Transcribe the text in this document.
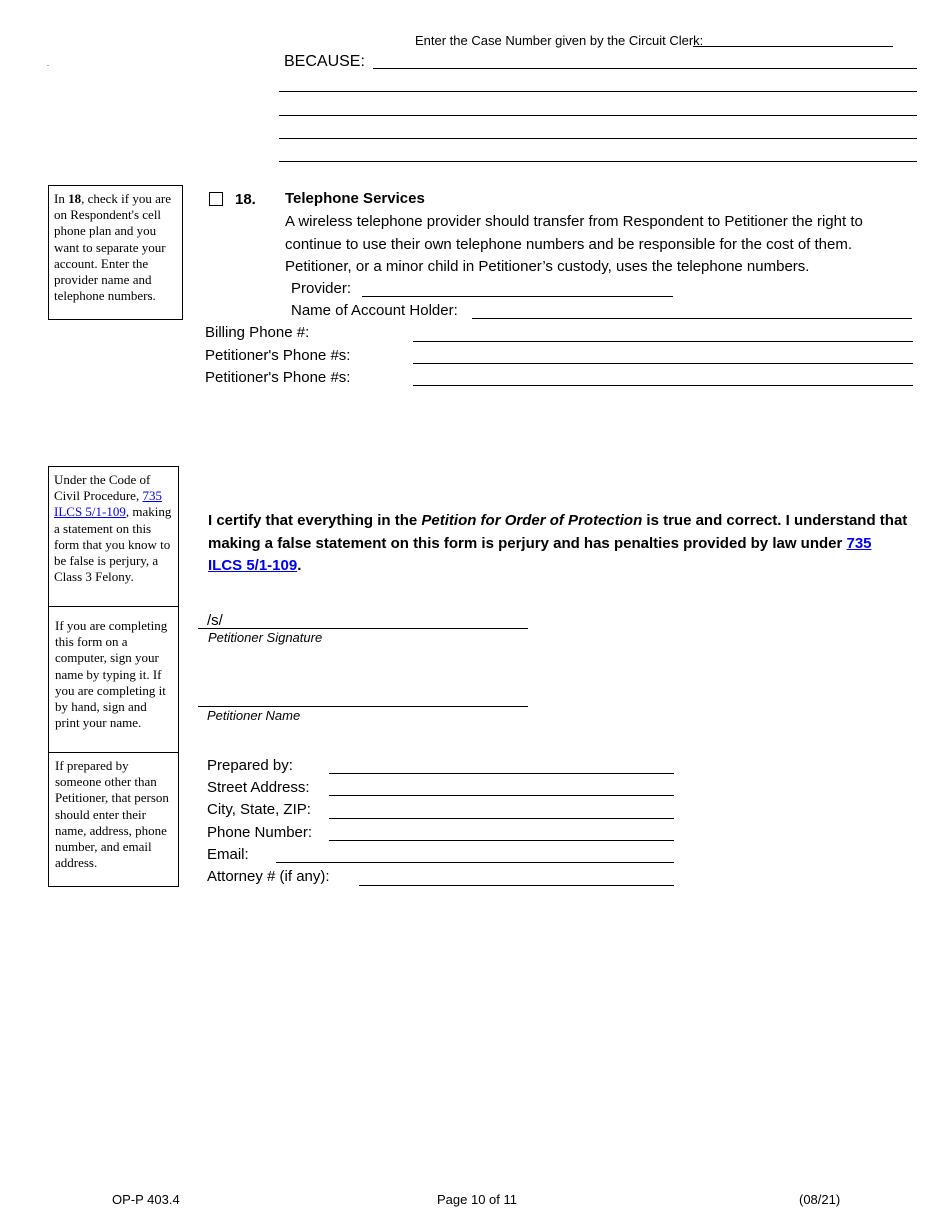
Enter the Case Number given by the Circuit Clerk:
.	BECAUSE:
In 18, check if you are on Respondent's cell phone plan and you want to separate your account. Enter the provider name and telephone numbers.
18. Telephone Services
A wireless telephone provider should transfer from Respondent to Petitioner the right to continue to use their own telephone numbers and be responsible for the cost of them. Petitioner, or a minor child in Petitioner’s custody, uses the telephone numbers.
Provider:
Name of Account Holder:
Billing Phone #:
Petitioner's Phone #s:
Petitioner's Phone #s:
Under the Code of Civil Procedure, 735 ILCS 5/1-109, making a statement on this form that you know to be false is perjury, a Class 3 Felony.
If you are completing this form on a computer, sign your name by typing it. If you are completing it by hand, sign and print your name.
If prepared by someone other than Petitioner, that person should enter their name, address, phone number, and email address.
I certify that everything in the Petition for Order of Protection is true and correct. I understand that making a false statement on this form is perjury and has penalties provided by law under 735 ILCS 5/1-109.
/s/
Petitioner Signature
Petitioner Name
Prepared by:
Street Address:
City, State, ZIP:
Phone Number:
Email:
Attorney # (if any):
OP-P 403.4	Page 10 of 11	(08/21)
